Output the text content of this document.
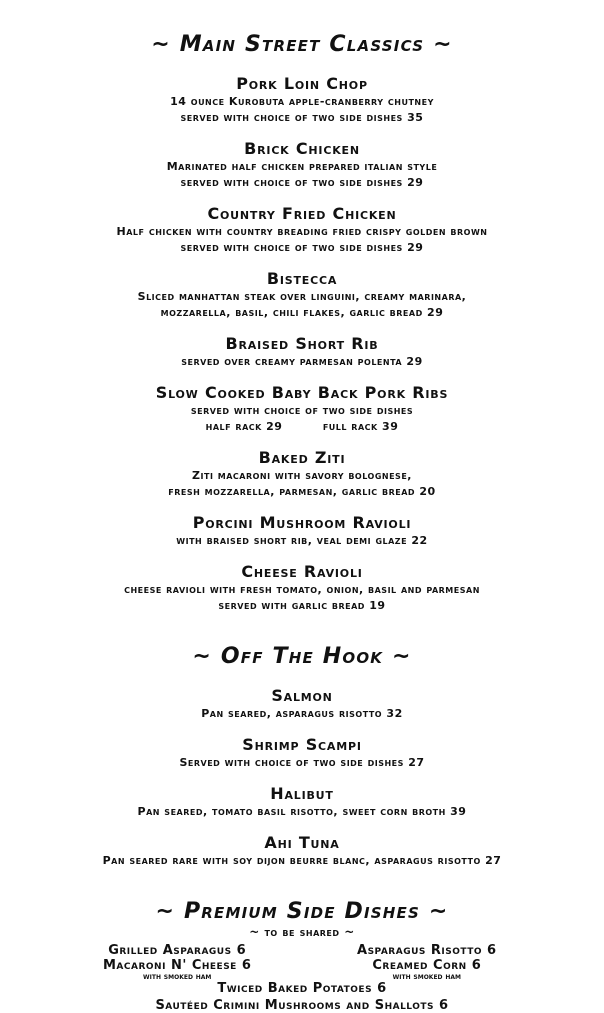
~ Main Street Classics ~
Pork Loin Chop
14 ounce Kurobuta apple-cranberry chutney
served with choice of two side dishes 35
Brick Chicken
Marinated half chicken prepared italian style
served with choice of two side dishes 29
Country Fried Chicken
Half chicken with country breading fried crispy golden brown
served with choice of two side dishes 29
Bistecca
Sliced manhattan steak over linguini, creamy marinara,
mozzarella, basil, chili flakes, garlic bread 29
Braised Short Rib
served over creamy parmesan polenta 29
Slow Cooked Baby Back Pork Ribs
served with choice of two side dishes
half rack 29	full rack 39
Baked Ziti
Ziti macaroni with savory bolognese,
fresh mozzarella, parmesan, garlic bread 20
Porcini Mushroom Ravioli
with braised short rib, veal demi glaze 22
Cheese Ravioli
cheese ravioli with fresh tomato, onion, basil and parmesan
served with garlic bread 19
~ Off The Hook ~
Salmon
Pan seared, asparagus risotto 32
Shrimp Scampi
Served with choice of two side dishes 27
Halibut
Pan seared, tomato basil risotto, sweet corn broth 39
Ahi Tuna
Pan seared rare with soy dijon beurre blanc, asparagus risotto 27
~ Premium Side Dishes ~
~ to be shared ~
Grilled Asparagus 6	Asparagus Risotto 6
Macaroni N' Cheese 6
with smoked ham
Creamed Corn 6
with smoked ham
Twiced Baked Potatoes 6
Sautéed Crimini Mushrooms and Shallots 6
